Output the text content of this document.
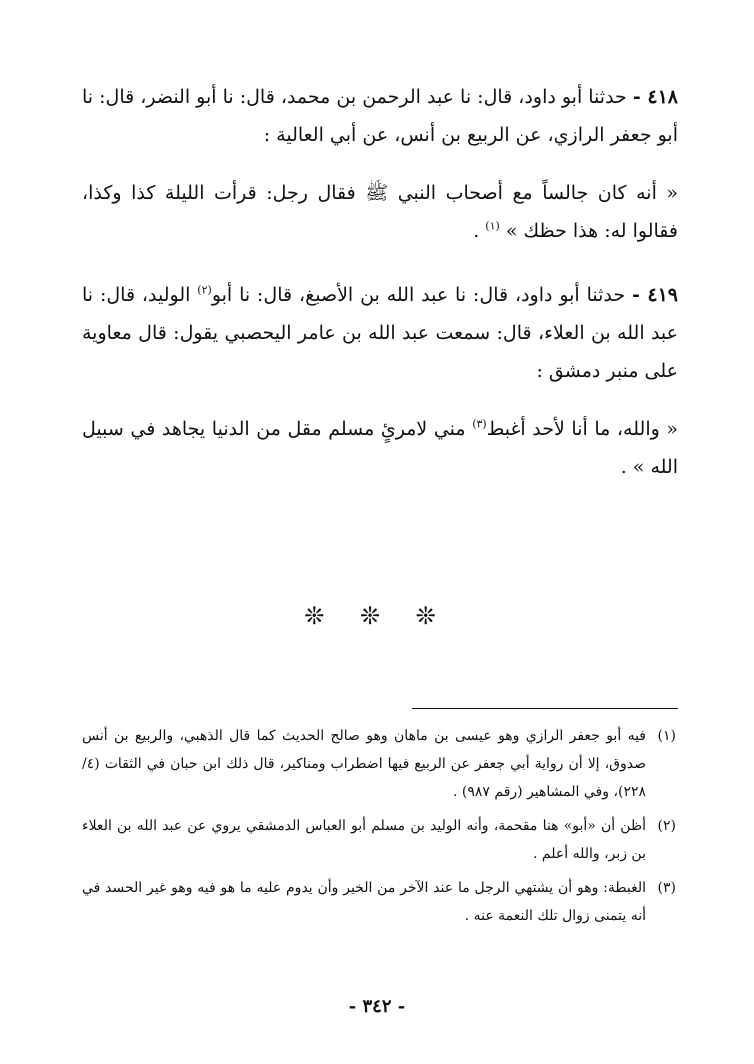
٤١٨ - حدثنا أبو داود، قال: نا عبد الرحمن بن محمد، قال: نا أبو النضر، قال: نا أبو جعفر الرازي، عن الربيع بن أنس، عن أبي العالية :

« أنه كان جالساً مع أصحاب النبي ﷺ فقال رجل: قرأت الليلة كذا وكذا، فقالوا له: هذا حظك » $^{(١)}$ .

٤١٩ - حدثنا أبو داود، قال: نا عبد الله بن الأصبغ، قال: نا أبو$^{(٢)}$ الوليد، قال: نا عبد الله بن العلاء، قال: سمعت عبد الله بن عامر اليحصبي يقول: قال معاوية على منبر دمشق :

« والله، ما أنا لأحد أغبط$^{(٣)}$ مني لامرئٍ مسلم مقل من الدنيا يجاهد في سبيل الله » .

❊ ❊ ❊

(١)
فيه أبو جعفر الرازي وهو عيسى بن ماهان وهو صالح الحديث كما قال الذهبي، والربيع بن أنس صدوق، إلا أن رواية أبي جعفر عن الربيع فيها اضطراب ومناكير، قال ذلك ابن حبان في الثقات (٤/ ٢٢٨)، وفي المشاهير (رقم ٩٨٧) .

(٢)
أظن أن «أبو» هنا مقحمة، وأنه الوليد بن مسلم أبو العباس الدمشقي يروي عن عبد الله بن العلاء بن زبر، والله أعلم .

(٣)
الغبطة: وهو أن يشتهي الرجل ما عند الآخر من الخير وأن يدوم عليه ما هو فيه وهو غير الحسد في أنه يتمنى زوال تلك النعمة عنه .

- ٣٤٢ -
